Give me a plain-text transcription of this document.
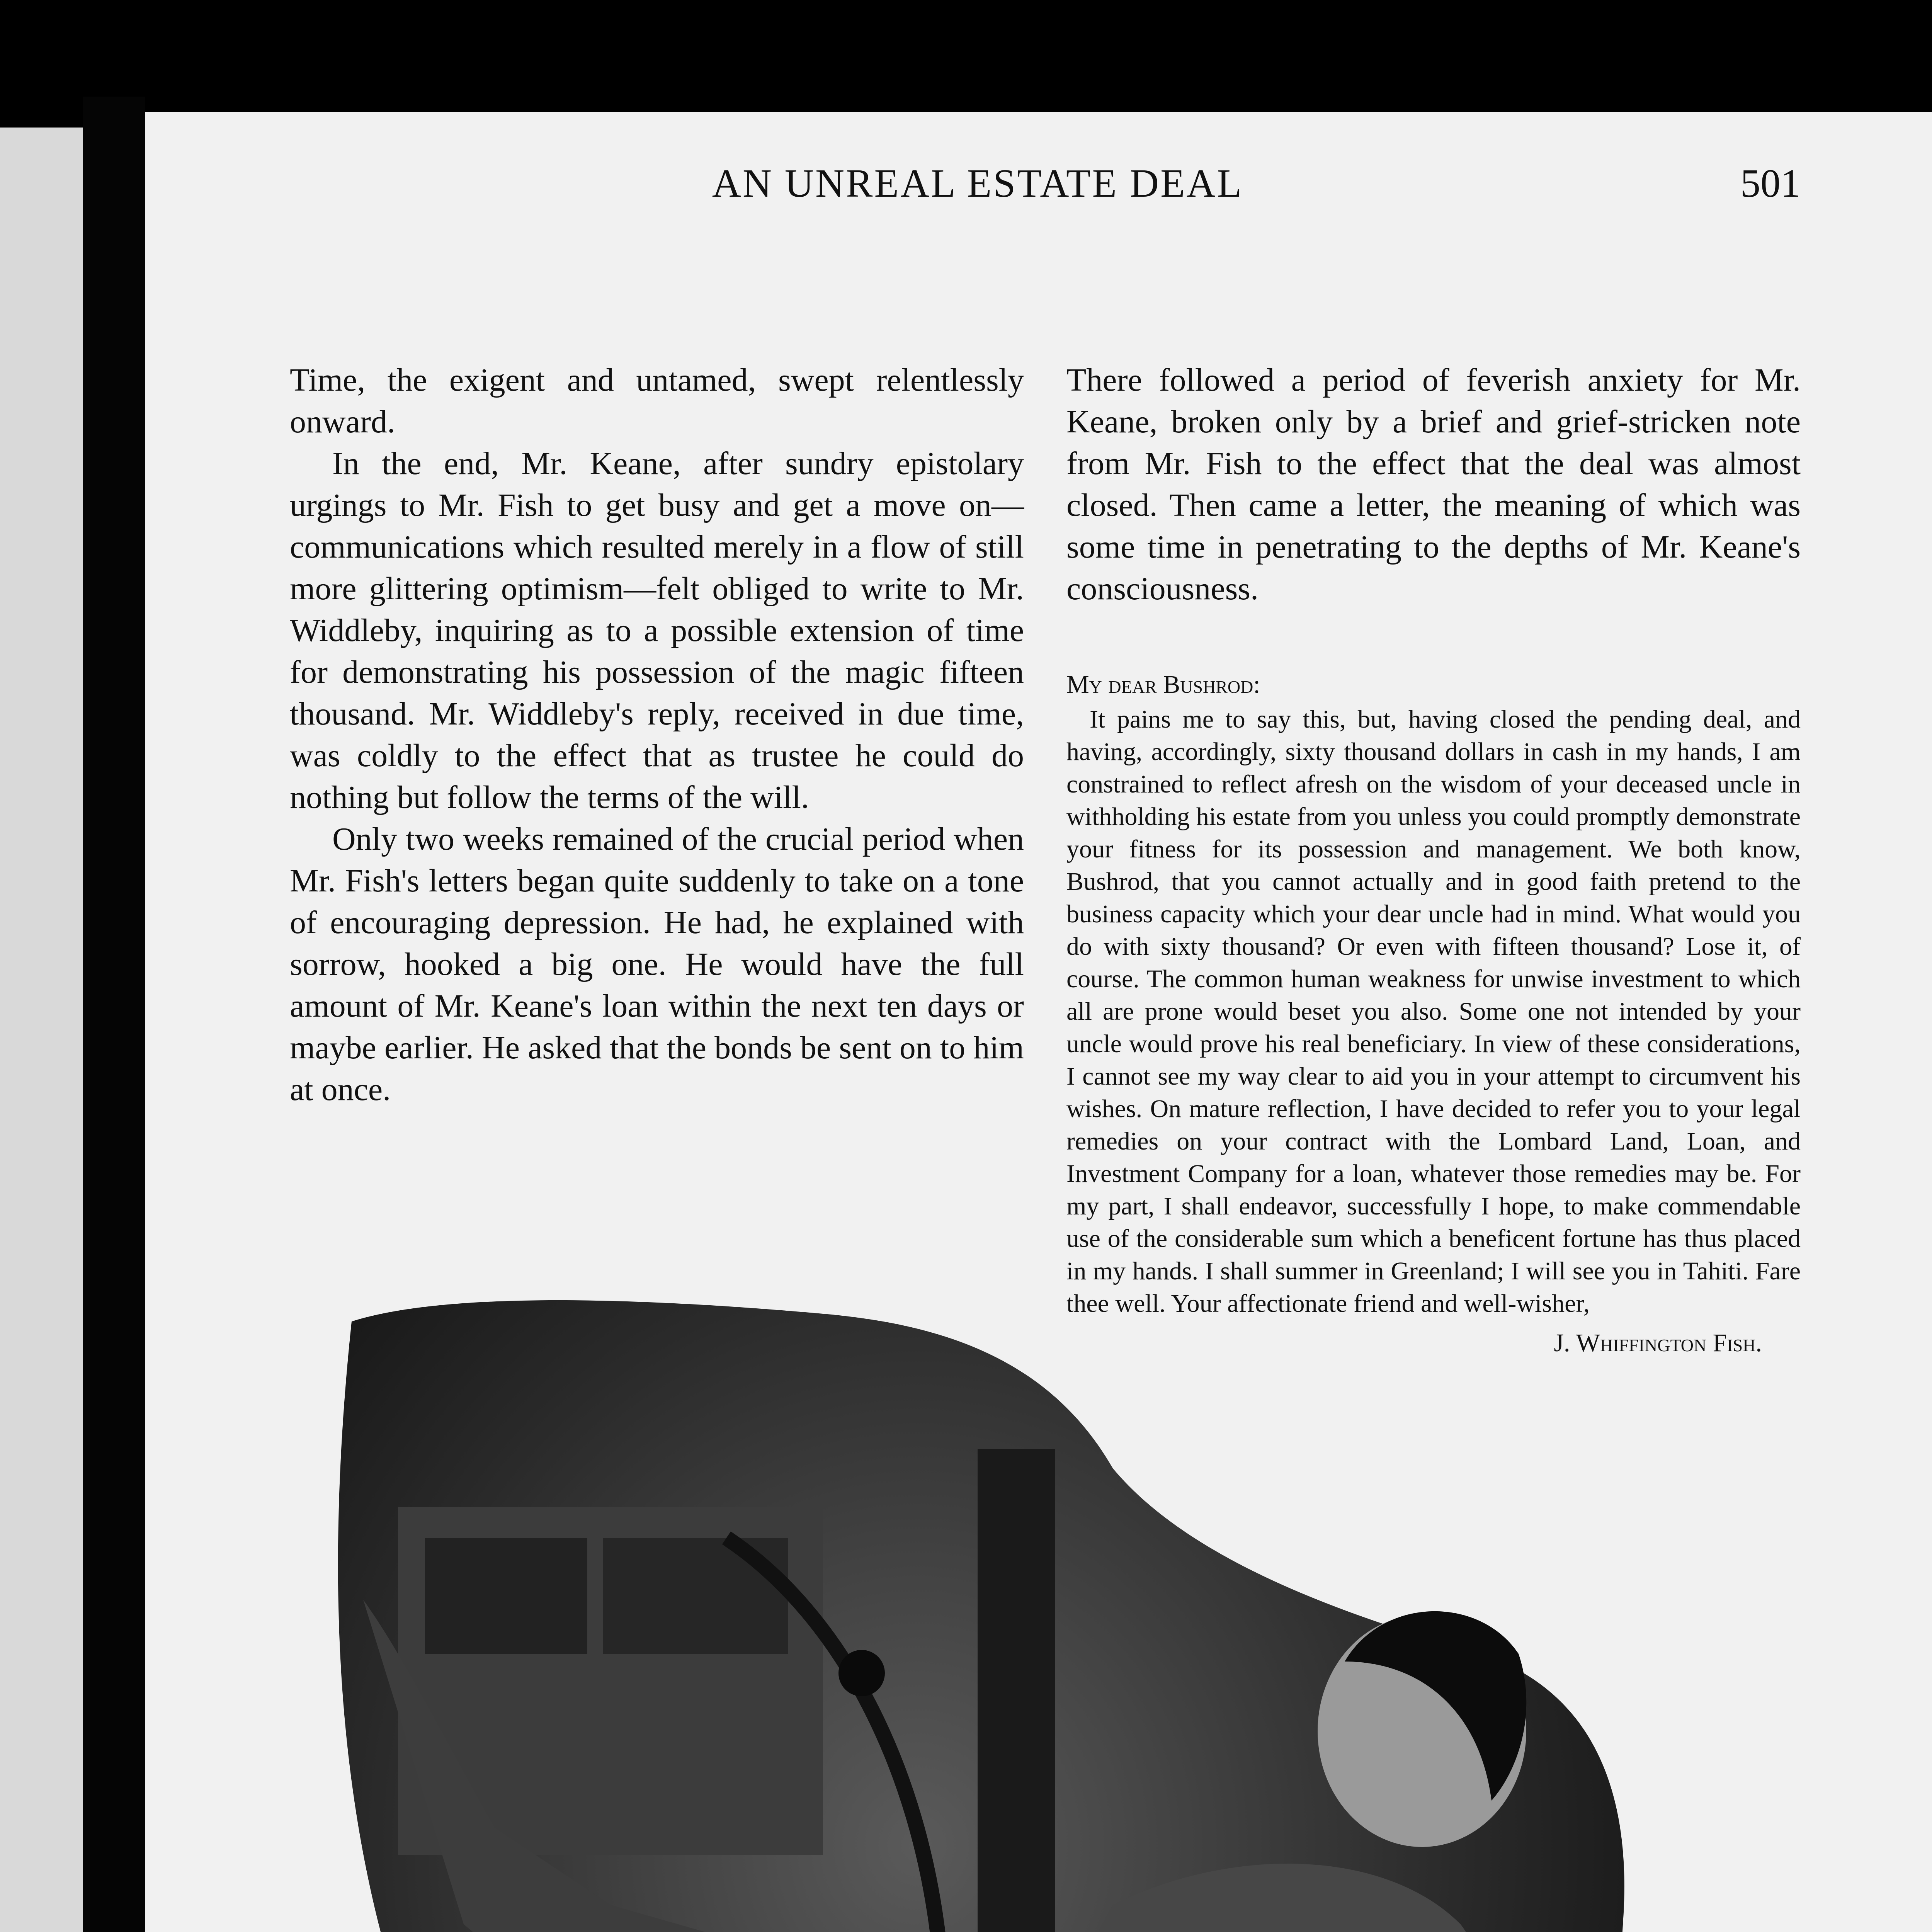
AN UNREAL ESTATE DEAL	501

Time, the exigent and untamed, swept relentlessly onward.

In the end, Mr. Keane, after sundry epistolary urgings to Mr. Fish to get busy and get a move on—communications which resulted merely in a flow of still more glittering optimism—felt obliged to write to Mr. Widdleby, inquiring as to a possible extension of time for demonstrating his possession of the magic fifteen thousand. Mr. Widdleby's reply, received in due time, was coldly to the effect that as trustee he could do nothing but follow the terms of the will.

Only two weeks remained of the crucial period when Mr. Fish's letters began quite suddenly to take on a tone of encouraging depression. He had, he explained with sorrow, hooked a big one. He would have the full amount of Mr. Keane's loan within the next ten days or maybe earlier. He asked that the bonds be sent on to him at once.

There followed a period of feverish anxiety for Mr. Keane, broken only by a brief and grief-stricken note from Mr. Fish to the effect that the deal was almost closed. Then came a letter, the meaning of which was some time in penetrating to the depths of Mr. Keane's consciousness.

My dear Bushrod:

It pains me to say this, but, having closed the pending deal, and having, accordingly, sixty thousand dollars in cash in my hands, I am constrained to reflect afresh on the wisdom of your deceased uncle in withholding his estate from you unless you could promptly demonstrate your fitness for its possession and management. We both know, Bushrod, that you cannot actually and in good faith pretend to the business capacity which your dear uncle had in mind. What would you do with sixty thousand? Or even with fifteen thousand? Lose it, of course. The common human weakness for unwise investment to which all are prone would beset you also. Some one not intended by your uncle would prove his real beneficiary. In view of these considerations, I cannot see my way clear to aid you in your attempt to circumvent his wishes. On mature reflection, I have decided to refer you to your legal remedies on your contract with the Lombard Land, Loan, and Investment Company for a loan, whatever those remedies may be. For my part, I shall endeavor, successfully I hope, to make commendable use of the considerable sum which a beneficent fortune has thus placed in my hands. I shall summer in Greenland; I will see you in Tahiti. Fare thee well. Your affectionate friend and well-wisher,

J. Whiffington Fish.
